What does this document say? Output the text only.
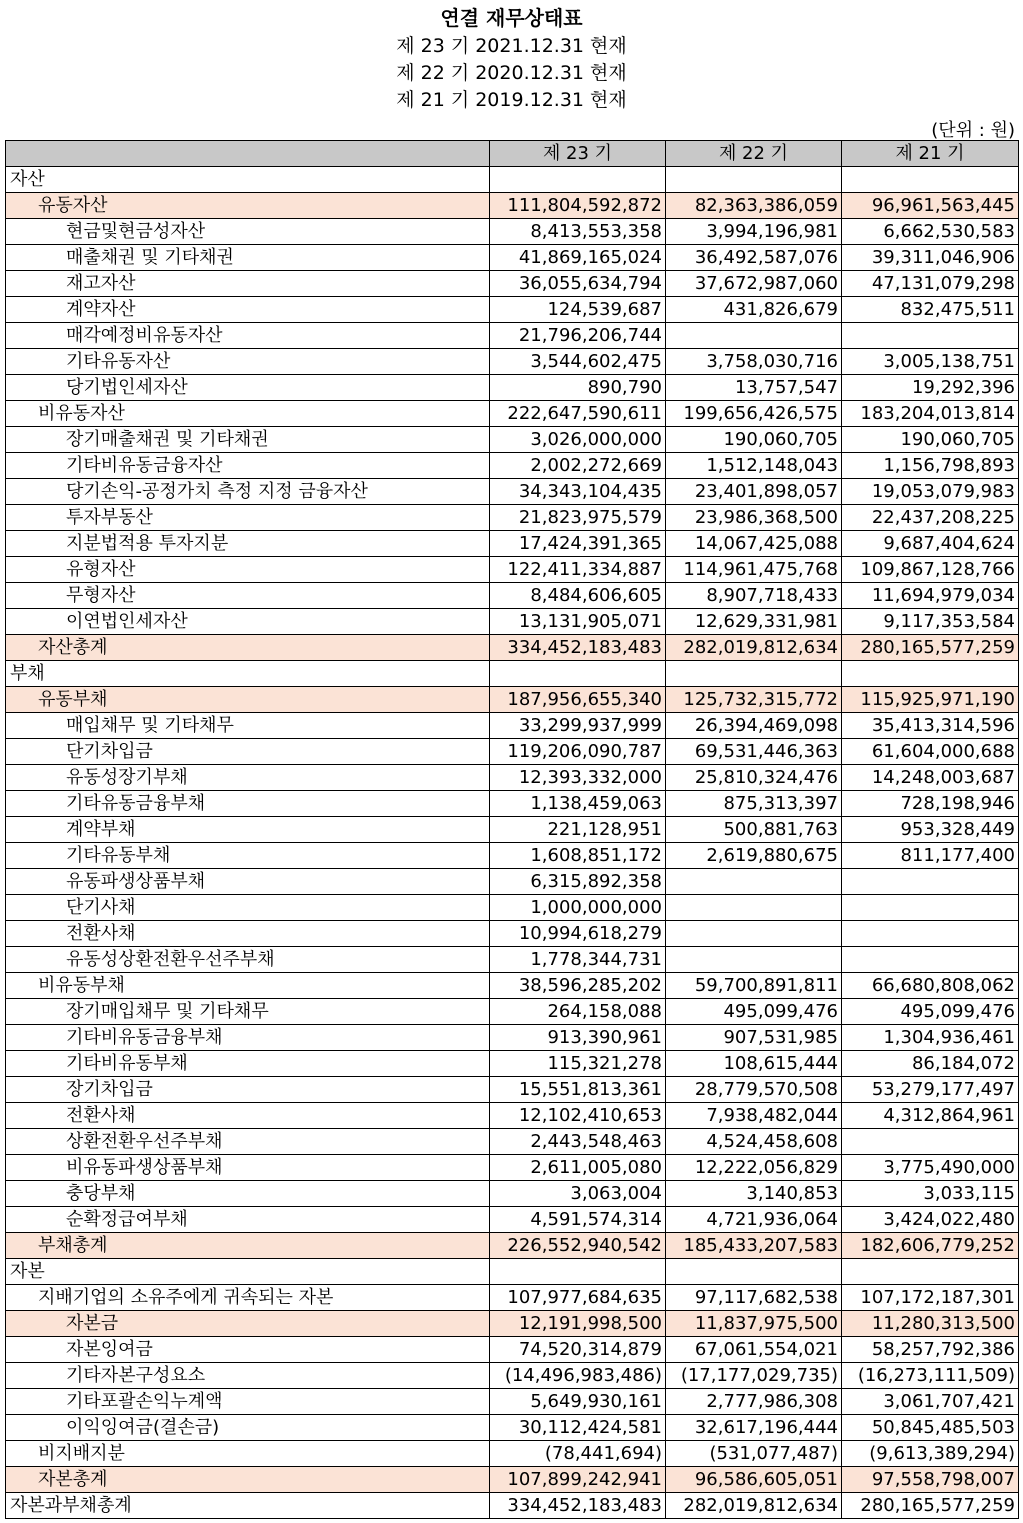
연결 재무상태표
제 23 기 2021.12.31 현재
제 22 기 2020.12.31 현재
제 21 기 2019.12.31 현재
(단위 : 원)
	제 23 기	제 22 기	제 21 기
자산			
유동자산	111,804,592,872	82,363,386,059	96,961,563,445
현금및현금성자산	8,413,553,358	3,994,196,981	6,662,530,583
매출채권 및 기타채권	41,869,165,024	36,492,587,076	39,311,046,906
재고자산	36,055,634,794	37,672,987,060	47,131,079,298
계약자산	124,539,687	431,826,679	832,475,511
매각예정비유동자산	21,796,206,744		
기타유동자산	3,544,602,475	3,758,030,716	3,005,138,751
당기법인세자산	890,790	13,757,547	19,292,396
비유동자산	222,647,590,611	199,656,426,575	183,204,013,814
장기매출채권 및 기타채권	3,026,000,000	190,060,705	190,060,705
기타비유동금융자산	2,002,272,669	1,512,148,043	1,156,798,893
당기손익-공정가치 측정 지정 금융자산	34,343,104,435	23,401,898,057	19,053,079,983
투자부동산	21,823,975,579	23,986,368,500	22,437,208,225
지분법적용 투자지분	17,424,391,365	14,067,425,088	9,687,404,624
유형자산	122,411,334,887	114,961,475,768	109,867,128,766
무형자산	8,484,606,605	8,907,718,433	11,694,979,034
이연법인세자산	13,131,905,071	12,629,331,981	9,117,353,584
자산총계	334,452,183,483	282,019,812,634	280,165,577,259
부채			
유동부채	187,956,655,340	125,732,315,772	115,925,971,190
매입채무 및 기타채무	33,299,937,999	26,394,469,098	35,413,314,596
단기차입금	119,206,090,787	69,531,446,363	61,604,000,688
유동성장기부채	12,393,332,000	25,810,324,476	14,248,003,687
기타유동금융부채	1,138,459,063	875,313,397	728,198,946
계약부채	221,128,951	500,881,763	953,328,449
기타유동부채	1,608,851,172	2,619,880,675	811,177,400
유동파생상품부채	6,315,892,358		
단기사채	1,000,000,000		
전환사채	10,994,618,279		
유동성상환전환우선주부채	1,778,344,731		
비유동부채	38,596,285,202	59,700,891,811	66,680,808,062
장기매입채무 및 기타채무	264,158,088	495,099,476	495,099,476
기타비유동금융부채	913,390,961	907,531,985	1,304,936,461
기타비유동부채	115,321,278	108,615,444	86,184,072
장기차입금	15,551,813,361	28,779,570,508	53,279,177,497
전환사채	12,102,410,653	7,938,482,044	4,312,864,961
상환전환우선주부채	2,443,548,463	4,524,458,608	
비유동파생상품부채	2,611,005,080	12,222,056,829	3,775,490,000
충당부채	3,063,004	3,140,853	3,033,115
순확정급여부채	4,591,574,314	4,721,936,064	3,424,022,480
부채총계	226,552,940,542	185,433,207,583	182,606,779,252
자본			
지배기업의 소유주에게 귀속되는 자본	107,977,684,635	97,117,682,538	107,172,187,301
자본금	12,191,998,500	11,837,975,500	11,280,313,500
자본잉여금	74,520,314,879	67,061,554,021	58,257,792,386
기타자본구성요소	(14,496,983,486)	(17,177,029,735)	(16,273,111,509)
기타포괄손익누계액	5,649,930,161	2,777,986,308	3,061,707,421
이익잉여금(결손금)	30,112,424,581	32,617,196,444	50,845,485,503
비지배지분	(78,441,694)	(531,077,487)	(9,613,389,294)
자본총계	107,899,242,941	96,586,605,051	97,558,798,007
자본과부채총계	334,452,183,483	282,019,812,634	280,165,577,259
